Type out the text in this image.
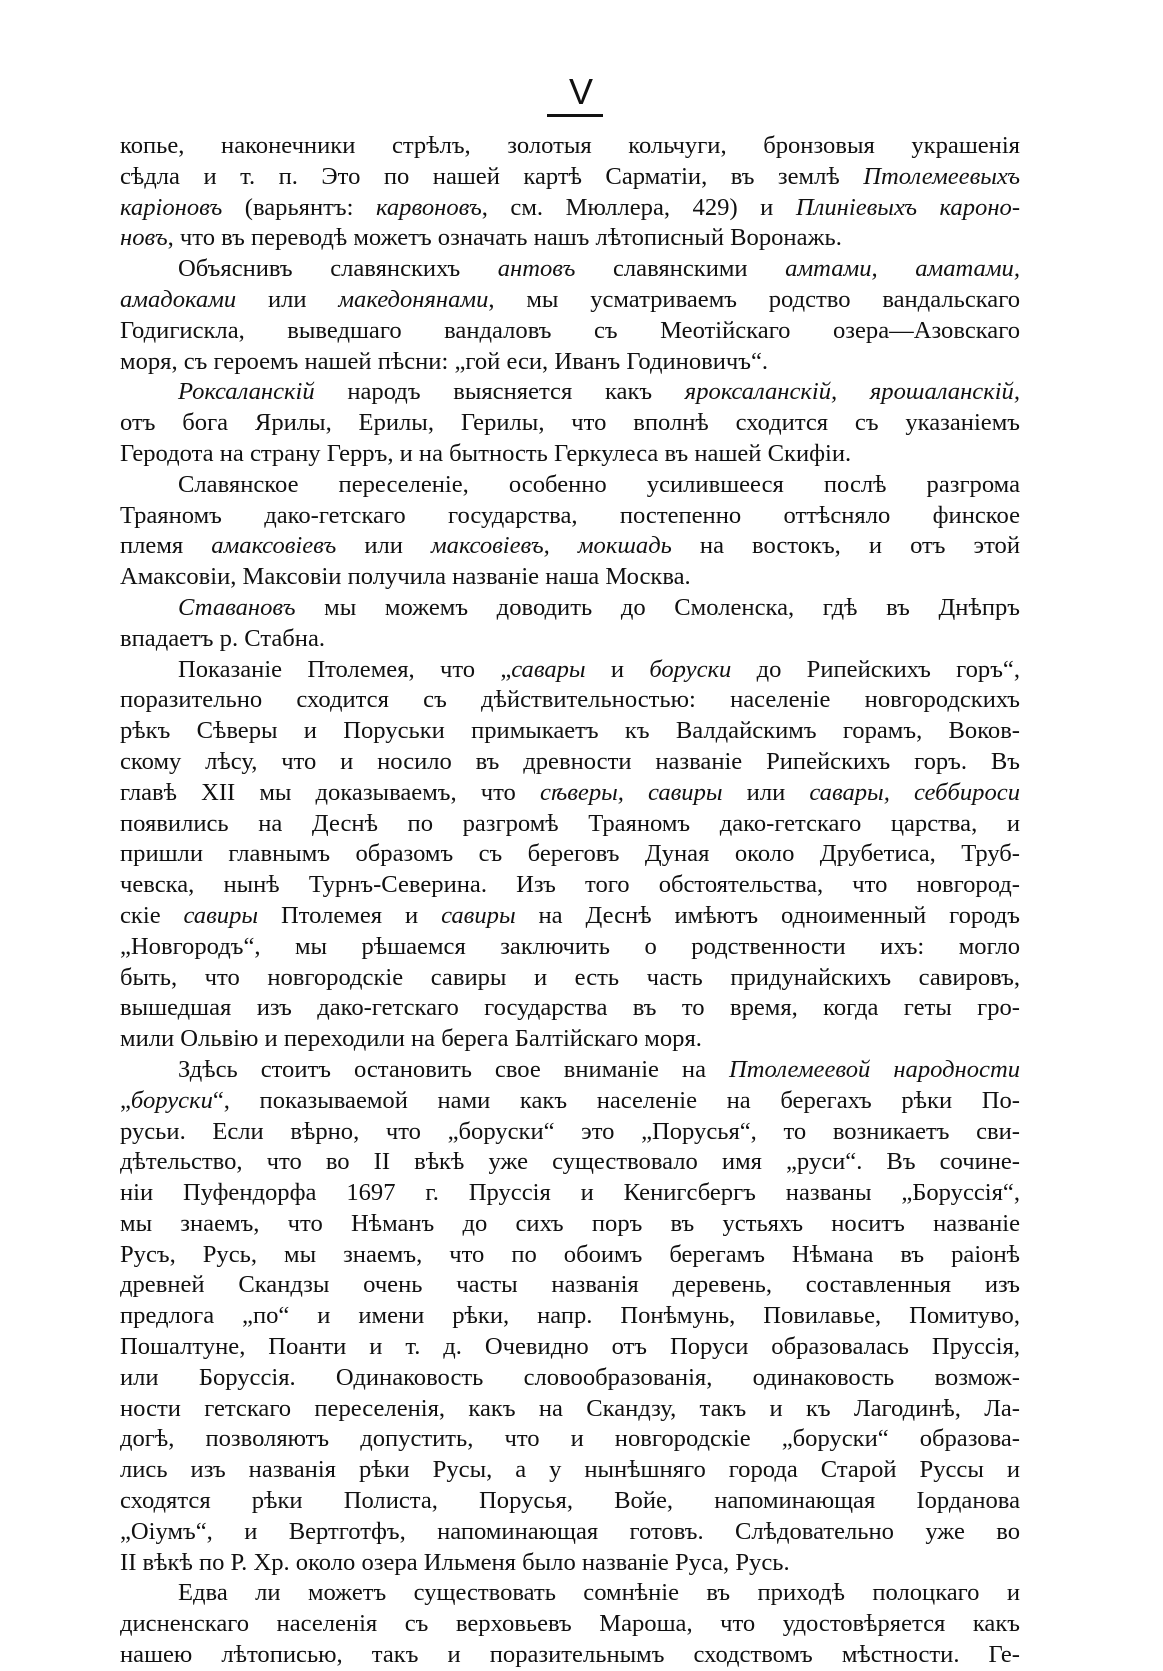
V
копье, наконечники стрѣлъ, золотыя кольчуги, бронзовыя украшенія
сѣдла и т. п. Это по нашей картѣ Сарматіи, въ землѣ Птолемеевыхъ
каріоновъ (варьянтъ: карвоновъ, см. Мюллера, 429) и Плиніевыхъ кароно-
новъ, что въ переводѣ можетъ означать нашъ лѣтописный Воронажь.
Объяснивъ славянскихъ антовъ славянскими амтами, аматами,
амадоками или македонянами, мы усматриваемъ родство вандальскаго
Годигискла, выведшаго вандаловъ съ Меотійскаго озера—Азовскаго
моря, съ героемъ нашей пѣсни: „гой еси, Иванъ Годиновичъ“.
Роксаланскій народъ выясняется какъ яроксаланскій, ярошаланскій,
отъ бога Ярилы, Ерилы, Герилы, что вполнѣ сходится съ указаніемъ
Геродота на страну Герръ, и на бытность Геркулеса въ нашей Скифіи.
Славянское переселеніе, особенно усилившееся послѣ разгрома
Траяномъ дако-гетскаго государства, постепенно оттѣсняло финское
племя амаксовіевъ или максовіевъ, мокшадь на востокъ, и отъ этой
Амаксовіи, Максовіи получила названіе наша Москва.
Ставановъ мы можемъ доводить до Смоленска, гдѣ въ Днѣпръ
впадаетъ р. Стабна.
Показаніе Птолемея, что „савары и боруски до Рипейскихъ горъ“,
поразительно сходится съ дѣйствительностью: населеніе новгородскихъ
рѣкъ Сѣверы и Поруськи примыкаетъ къ Валдайскимъ горамъ, Воков-
скому лѣсу, что и носило въ древности названіе Рипейскихъ горъ. Въ
главѣ XII мы доказываемъ, что сѣверы, савиры или савары, себбироси
появились на Деснѣ по разгромѣ Траяномъ дако-гетскаго царства, и
пришли главнымъ образомъ съ береговъ Дуная около Друбетиса, Труб-
чевска, нынѣ Турнъ-Северина. Изъ того обстоятельства, что новгород-
скіе савиры Птолемея и савиры на Деснѣ имѣютъ одноименный городъ
„Новгородъ“, мы рѣшаемся заключить о родственности ихъ: могло
быть, что новгородскіе савиры и есть часть придунайскихъ савировъ,
вышедшая изъ дако-гетскаго государства въ то время, когда геты гро-
мили Ольвію и переходили на берега Балтійскаго моря.
Здѣсь стоитъ остановить свое вниманіе на Птолемеевой народности
„боруски“, показываемой нами какъ населеніе на берегахъ рѣки По-
русьи. Если вѣрно, что „боруски“ это „Порусья“, то возникаетъ сви-
дѣтельство, что во II вѣкѣ уже существовало имя „руси“. Въ сочине-
ніи Пуфендорфа 1697 г. Пруссія и Кенигсбергъ названы „Боруссія“,
мы знаемъ, что Нѣманъ до сихъ поръ въ устьяхъ носитъ названіе
Русъ, Русь, мы знаемъ, что по обоимъ берегамъ Нѣмана въ раіонѣ
древней Скандзы очень часты названія деревень, составленныя изъ
предлога „по“ и имени рѣки, напр. Понѣмунь, Повилавье, Помитуво,
Пошалтуне, Поанти и т. д. Очевидно отъ Поруси образовалась Пруссія,
или Боруссія. Одинаковость словообразованія, одинаковость возмож-
ности гетскаго переселенія, какъ на Скандзу, такъ и къ Лагодинѣ, Ла-
догѣ, позволяютъ допустить, что и новгородскіе „боруски“ образова-
лись изъ названія рѣки Русы, а у нынѣшняго города Старой Руссы и
сходятся рѣки Полиста, Порусья, Войе, напоминающая Іорданова
„Оіумъ“, и Вертготфъ, напоминающая готовъ. Слѣдовательно уже во
II вѣкѣ по Р. Хр. около озера Ильменя было названіе Руса, Русь.
Едва ли можетъ существовать сомнѣніе въ приходѣ полоцкаго и
дисненскаго населенія съ верховьевъ Мароша, что удостовѣряется какъ
нашею лѣтописью, такъ и поразительнымъ сходствомъ мѣстности. Ге-
